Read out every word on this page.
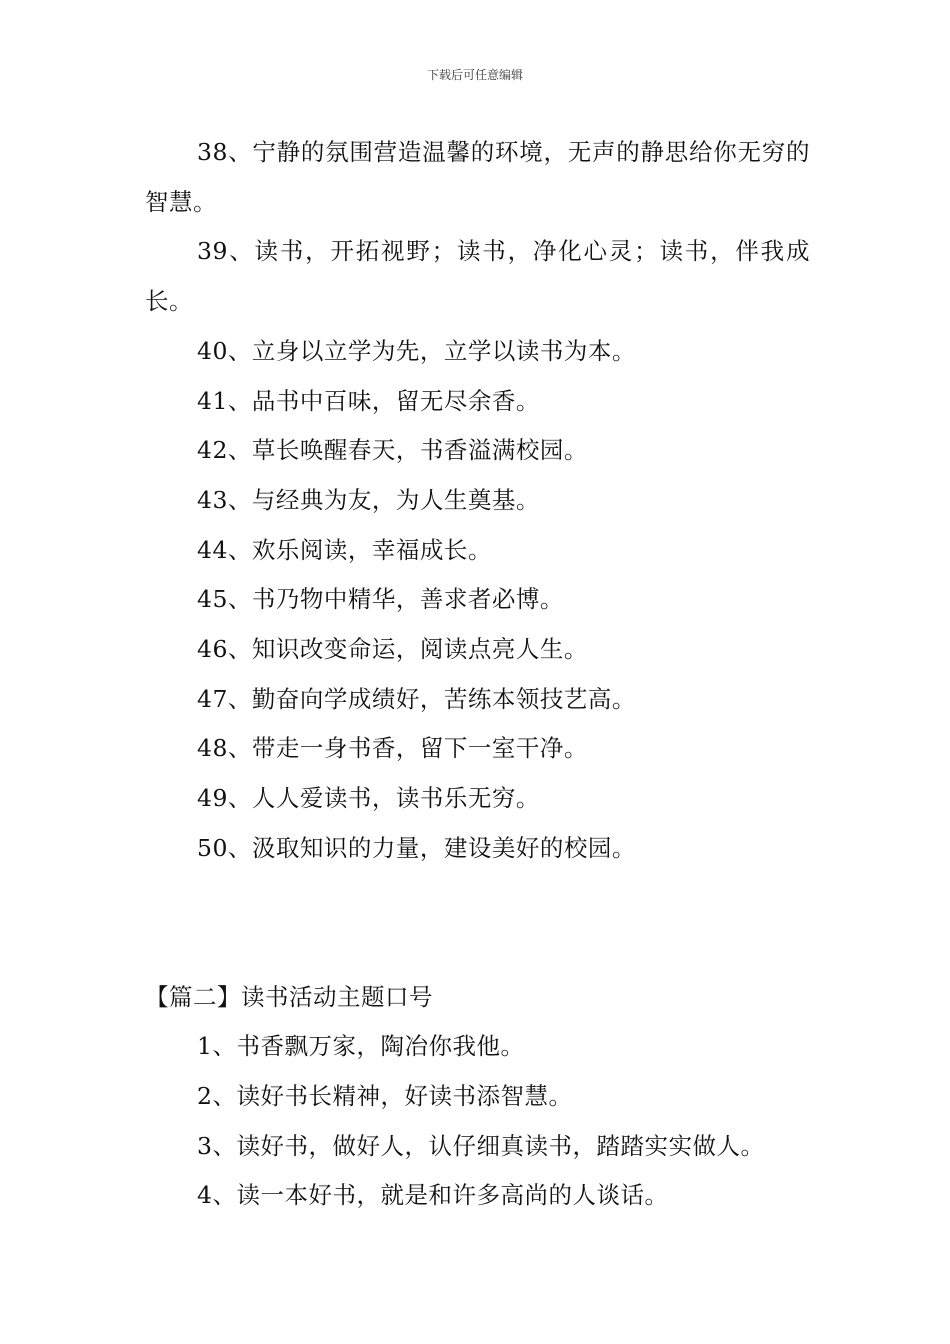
下载后可任意编辑

38、宁静的氛围营造温馨的环境，无声的静思给你无穷的智慧。

39、读书，开拓视野；读书，净化心灵；读书，伴我成长。

40、立身以立学为先，立学以读书为本。

41、品书中百味，留无尽余香。

42、草长唤醒春天，书香溢满校园。

43、与经典为友，为人生奠基。

44、欢乐阅读，幸福成长。

45、书乃物中精华，善求者必博。

46、知识改变命运，阅读点亮人生。

47、勤奋向学成绩好，苦练本领技艺高。

48、带走一身书香，留下一室干净。

49、人人爱读书，读书乐无穷。

50、汲取知识的力量，建设美好的校园。

【篇二】读书活动主题口号

1、书香飘万家，陶冶你我他。

2、读好书长精神，好读书添智慧。

3、读好书，做好人，认仔细真读书，踏踏实实做人。

4、读一本好书，就是和许多高尚的人谈话。
